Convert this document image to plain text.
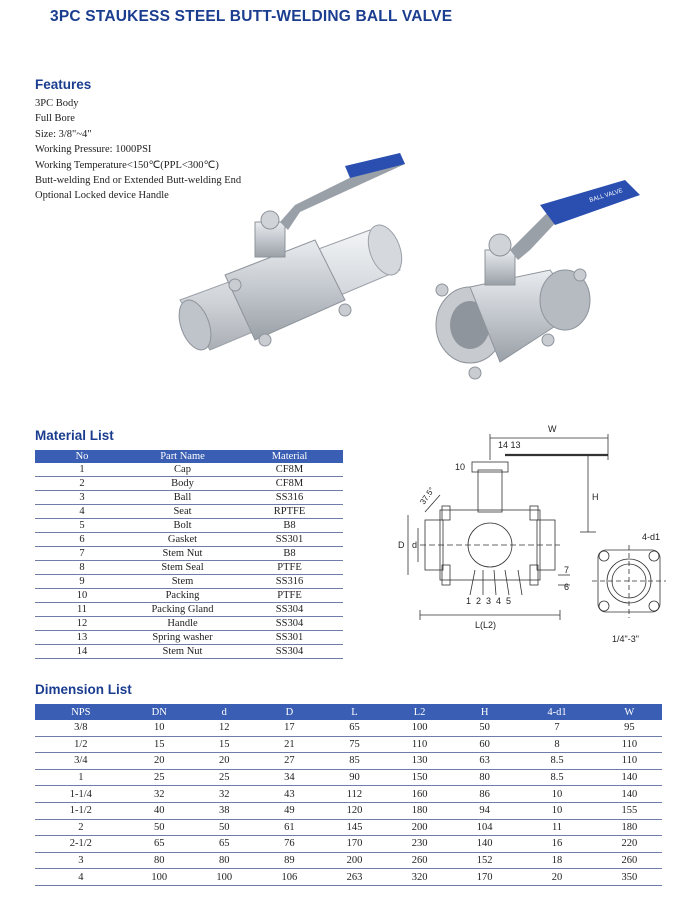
3PC STAUKESS STEEL BUTT-WELDING BALL VALVE
Features
3PC Body
Full Bore
Size: 3/8"~4"
Working Pressure: 1000PSI
Working Temperature<150℃(PPL<300℃)
Butt-welding End or Extended Butt-welding End
Optional Locked device Handle	BALL VALVE
Material List
No	Part Name	Material
1	Cap	CF8M
2	Body	CF8M
3	Ball	SS316
4	Seat	RPTFE
5	Bolt	B8
6	Gasket	SS301
7	Stem Nut	B8
8	Stem Seal	PTFE
9	Stem	SS316
10	Packing	PTFE
11	Packing Gland	SS304
12	Handle	SS304
13	Spring washer	SS301
14	Stem Nut	SS304
W
14 13
10
37.5°
D d
H
1  2  3  4  5
7
6
L(L2)
4-d1
1/4"-3"
Dimension List
NPS	DN	d	D	L	L2	H	4-d1	W
3/8	10	12	17	65	100	50	7	95
1/2	15	15	21	75	110	60	8	110
3/4	20	20	27	85	130	63	8.5	110
1	25	25	34	90	150	80	8.5	140
1-1/4	32	32	43	112	160	86	10	140
1-1/2	40	38	49	120	180	94	10	155
2	50	50	61	145	200	104	11	180
2-1/2	65	65	76	170	230	140	16	220
3	80	80	89	200	260	152	18	260
4	100	100	106	263	320	170	20	350
